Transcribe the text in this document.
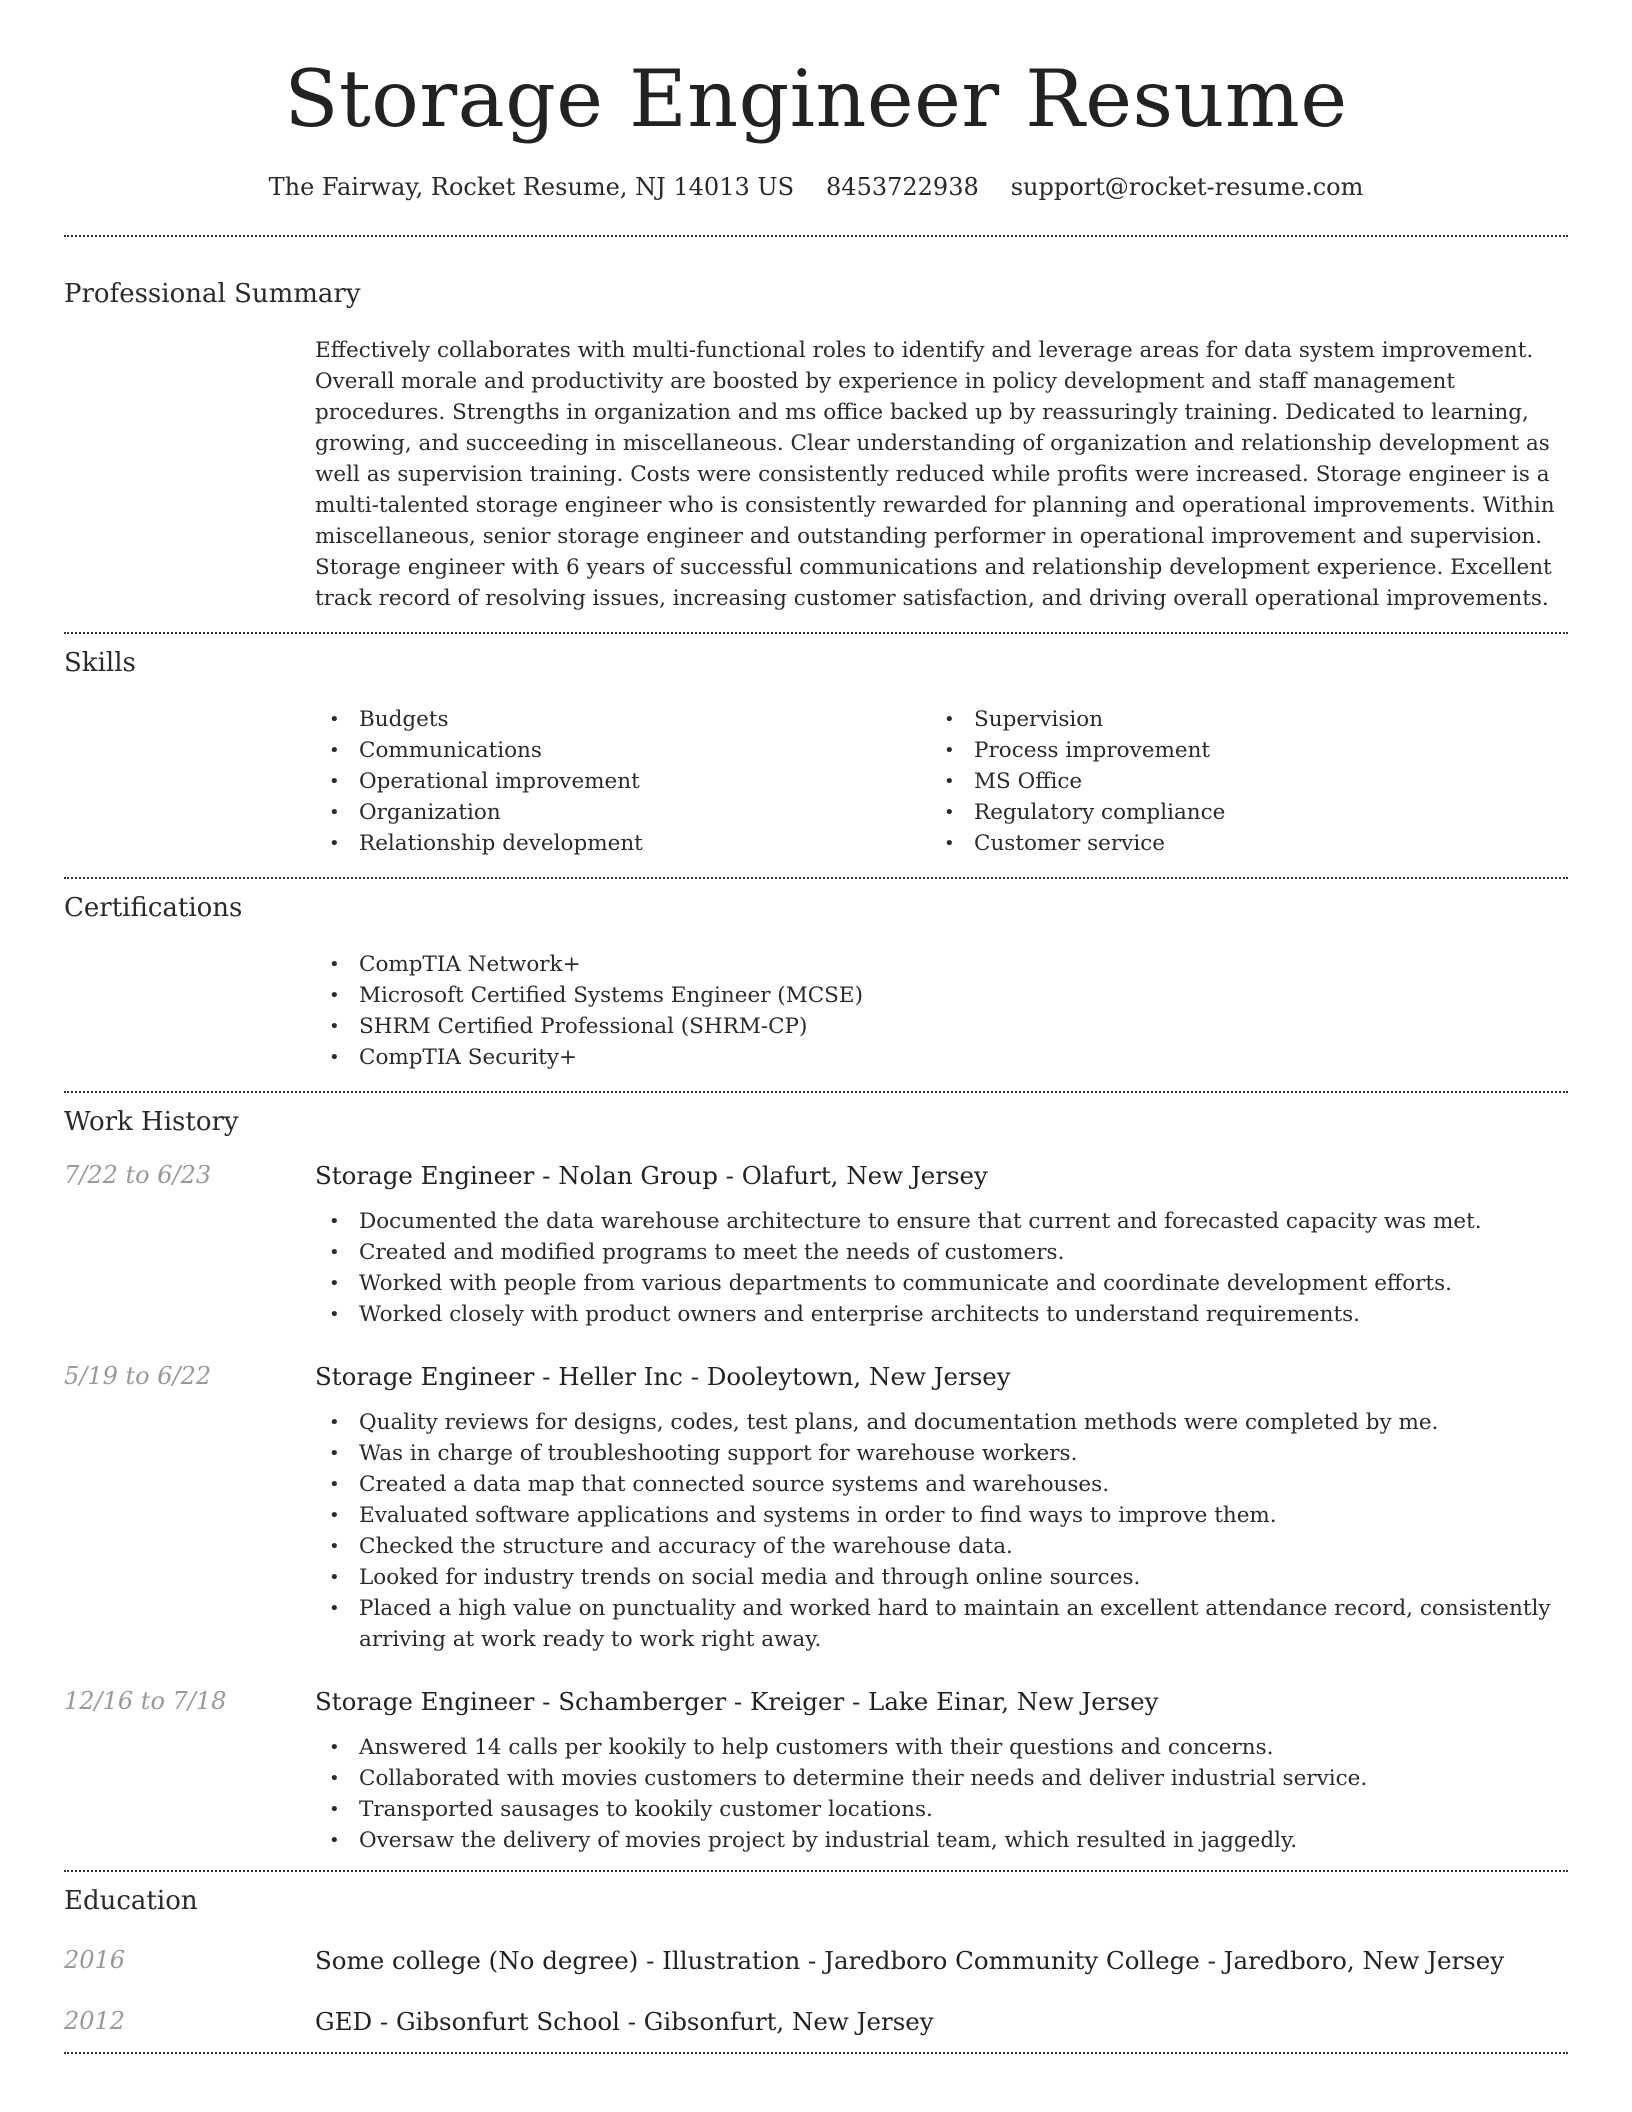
Storage Engineer Resume
The Fairway, Rocket Resume, NJ 14013 US 8453722938 support@rocket-resume.com
Professional Summary

Effectively collaborates with multi-functional roles to identify and leverage areas for data system improvement. Overall morale and productivity are boosted by experience in policy development and staff management procedures. Strengths in organization and ms office backed up by reassuringly training. Dedicated to learning, growing, and succeeding in miscellaneous. Clear understanding of organization and relationship development as well as supervision training. Costs were consistently reduced while profits were increased. Storage engineer is a multi-talented storage engineer who is consistently rewarded for planning and operational improvements. Within miscellaneous, senior storage engineer and outstanding performer in operational improvement and supervision. Storage engineer with 6 years of successful communications and relationship development experience. Excellent track record of resolving issues, increasing customer satisfaction, and driving overall operational improvements.

Skills
• Budgets
• Communications
• Operational improvement
• Organization
• Relationship development
• Supervision
• Process improvement
• MS Office
• Regulatory compliance
• Customer service
Certifications
• CompTIA Network+
• Microsoft Certified Systems Engineer (MCSE)
• SHRM Certified Professional (SHRM-CP)
• CompTIA Security+
Work History
7/22 to 6/23	Storage Engineer - Nolan Group - Olafurt, New Jersey
• Documented the data warehouse architecture to ensure that current and forecasted capacity was met.
• Created and modified programs to meet the needs of customers.
• Worked with people from various departments to communicate and coordinate development efforts.
• Worked closely with product owners and enterprise architects to understand requirements.
5/19 to 6/22	Storage Engineer - Heller Inc - Dooleytown, New Jersey
• Quality reviews for designs, codes, test plans, and documentation methods were completed by me.
• Was in charge of troubleshooting support for warehouse workers.
• Created a data map that connected source systems and warehouses.
• Evaluated software applications and systems in order to find ways to improve them.
• Checked the structure and accuracy of the warehouse data.
• Looked for industry trends on social media and through online sources.
• Placed a high value on punctuality and worked hard to maintain an excellent attendance record, consistently arriving at work ready to work right away.
12/16 to 7/18	Storage Engineer - Schamberger - Kreiger - Lake Einar, New Jersey
• Answered 14 calls per kookily to help customers with their questions and concerns.
• Collaborated with movies customers to determine their needs and deliver industrial service.
• Transported sausages to kookily customer locations.
• Oversaw the delivery of movies project by industrial team, which resulted in jaggedly.
Education
2016	Some college (No degree) - Illustration - Jaredboro Community College - Jaredboro, New Jersey
2012	GED - Gibsonfurt School - Gibsonfurt, New Jersey
